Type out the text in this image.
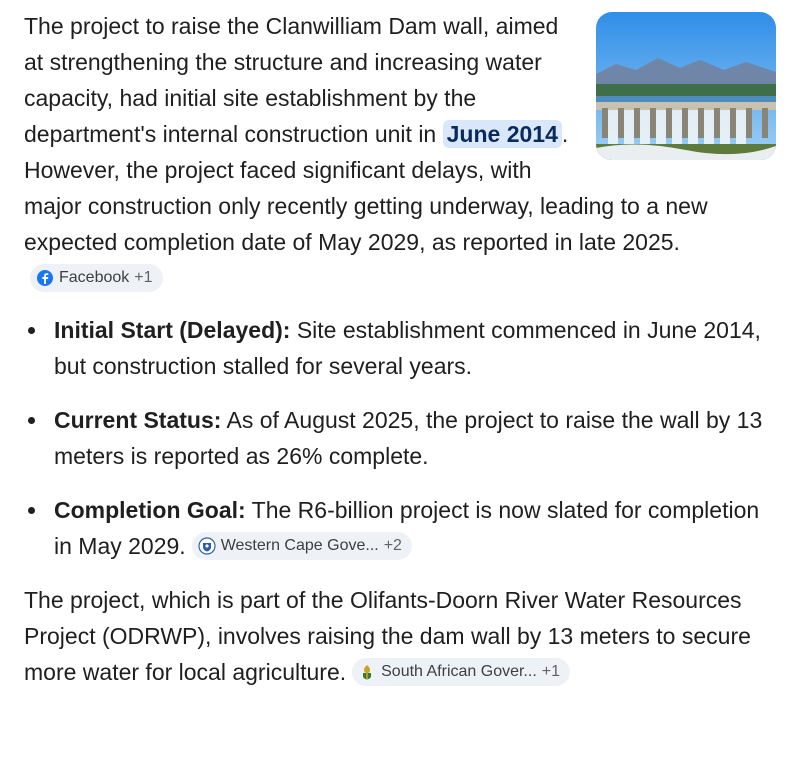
The project to raise the Clanwilliam Dam wall, aimed at strengthening the structure and increasing water capacity, had initial site establishment by the department's internal construction unit in June 2014 . However, the project faced significant delays, with major construction only recently getting underway, leading to a new expected completion date of May 2029, as reported in late 2025.
Facebook +1

Initial Start (Delayed): Site establishment commenced in June 2014, but construction stalled for several years.
Current Status: As of August 2025, the project to raise the wall by 13 meters is reported as 26% complete.
Completion Goal: The R6-billion project is now slated for completion in May 2029. Western Cape Gove... +2

The project, which is part of the Olifants-Doorn River Water Resources Project (ODRWP), involves raising the dam wall by 13 meters to secure more water for local agriculture. South African Gover... +1
